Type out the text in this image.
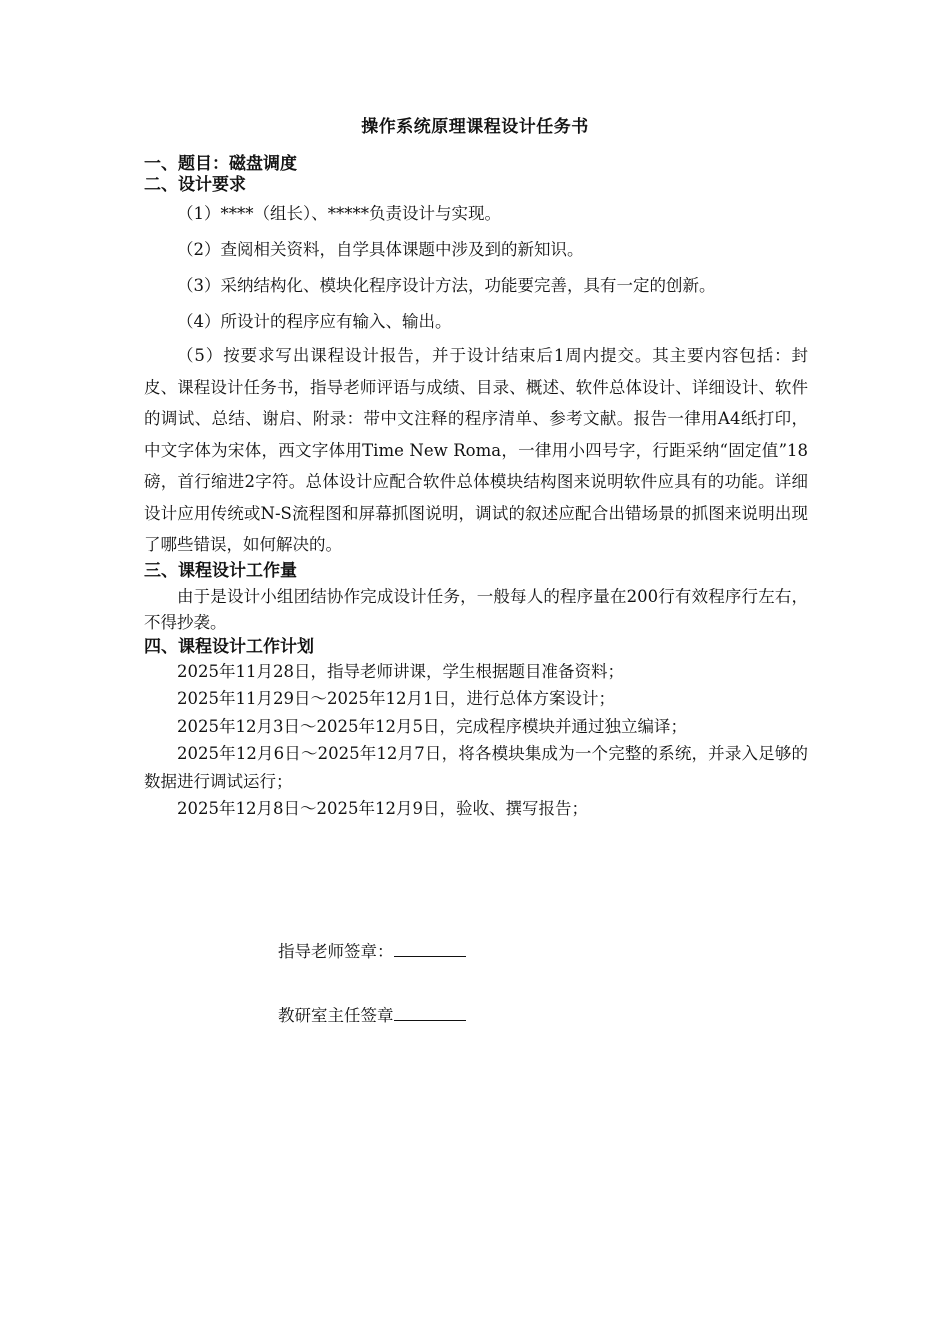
操作系统原理课程设计任务书

一、题目：磁盘调度

二、设计要求

（1）****（组长）、*****负责设计与实现。

（2）查阅相关资料，自学具体课题中涉及到的新知识。

（3）采纳结构化、模块化程序设计方法，功能要完善，具有一定的创新。

（4）所设计的程序应有输入、输出。

（5）按要求写出课程设计报告，并于设计结束后1周内提交。其主要内容包括：封皮、课程设计任务书，指导老师评语与成绩、目录、概述、软件总体设计、详细设计、软件的调试、总结、谢启、附录：带中文注释的程序清单、参考文献。报告一律用A4纸打印，中文字体为宋体，西文字体用Time New Roma，一律用小四号字，行距采纳“固定值”18磅，首行缩进2字符。总体设计应配合软件总体模块结构图来说明软件应具有的功能。详细设计应用传统或N-S流程图和屏幕抓图说明，调试的叙述应配合出错场景的抓图来说明出现了哪些错误，如何解决的。

三、课程设计工作量

由于是设计小组团结协作完成设计任务，一般每人的程序量在200行有效程序行左右，不得抄袭。

四、课程设计工作计划

2025年11月28日，指导老师讲课，学生根据题目准备资料；

2025年11月29日～2025年12月1日，进行总体方案设计；

2025年12月3日～2025年12月5日，完成程序模块并通过独立编译；

2025年12月6日～2025年12月7日，将各模块集成为一个完整的系统，并录入足够的数据进行调试运行；

2025年12月8日～2025年12月9日，验收、撰写报告；

指导老师签章：

教研室主任签章
